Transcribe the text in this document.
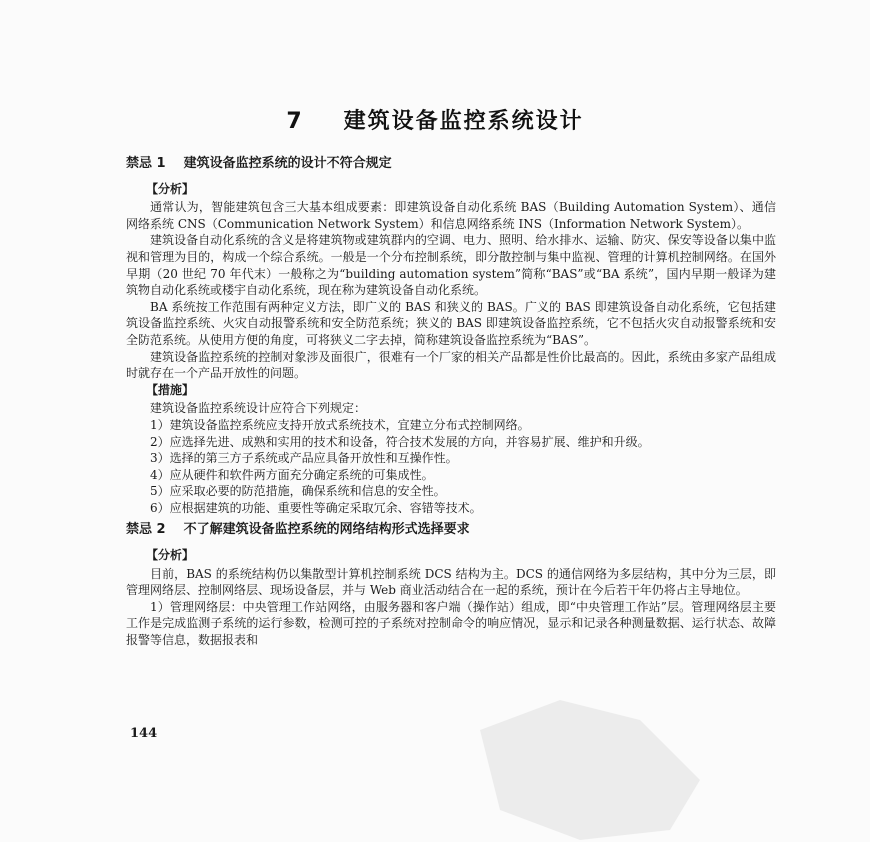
7 建筑设备监控系统设计
禁忌 1 建筑设备监控系统的设计不符合规定
【分析】

通常认为，智能建筑包含三大基本组成要素：即建筑设备自动化系统 BAS（Building Automation System）、通信网络系统 CNS（Communication Network System）和信息网络系统 INS（Information Network System）。

建筑设备自动化系统的含义是将建筑物或建筑群内的空调、电力、照明、给水排水、运输、防灾、保安等设备以集中监视和管理为目的，构成一个综合系统。一般是一个分布控制系统，即分散控制与集中监视、管理的计算机控制网络。在国外早期（20 世纪 70 年代末）一般称之为“building automation system”简称“BAS”或“BA 系统”，国内早期一般译为建筑物自动化系统或楼宇自动化系统，现在称为建筑设备自动化系统。

BA 系统按工作范围有两种定义方法，即广义的 BAS 和狭义的 BAS。广义的 BAS 即建筑设备自动化系统，它包括建筑设备监控系统、火灾自动报警系统和安全防范系统；狭义的 BAS 即建筑设备监控系统，它不包括火灾自动报警系统和安全防范系统。从使用方便的角度，可将狭义二字去掉，简称建筑设备监控系统为“BAS”。

建筑设备监控系统的控制对象涉及面很广，很难有一个厂家的相关产品都是性价比最高的。因此，系统由多家产品组成时就存在一个产品开放性的问题。

【措施】

建筑设备监控系统设计应符合下列规定：

1）建筑设备监控系统应支持开放式系统技术，宜建立分布式控制网络。

2）应选择先进、成熟和实用的技术和设备，符合技术发展的方向，并容易扩展、维护和升级。

3）选择的第三方子系统或产品应具备开放性和互操作性。

4）应从硬件和软件两方面充分确定系统的可集成性。

5）应采取必要的防范措施，确保系统和信息的安全性。

6）应根据建筑的功能、重要性等确定采取冗余、容错等技术。

禁忌 2 不了解建筑设备监控系统的网络结构形式选择要求
【分析】

目前，BAS 的系统结构仍以集散型计算机控制系统 DCS 结构为主。DCS 的通信网络为多层结构，其中分为三层，即管理网络层、控制网络层、现场设备层，并与 Web 商业活动结合在一起的系统，预计在今后若干年仍将占主导地位。

1）管理网络层：中央管理工作站网络，由服务器和客户端（操作站）组成，即“中央管理工作站”层。管理网络层主要工作是完成监测子系统的运行参数，检测可控的子系统对控制命令的响应情况，显示和记录各种测量数据、运行状态、故障报警等信息，数据报表和

144
